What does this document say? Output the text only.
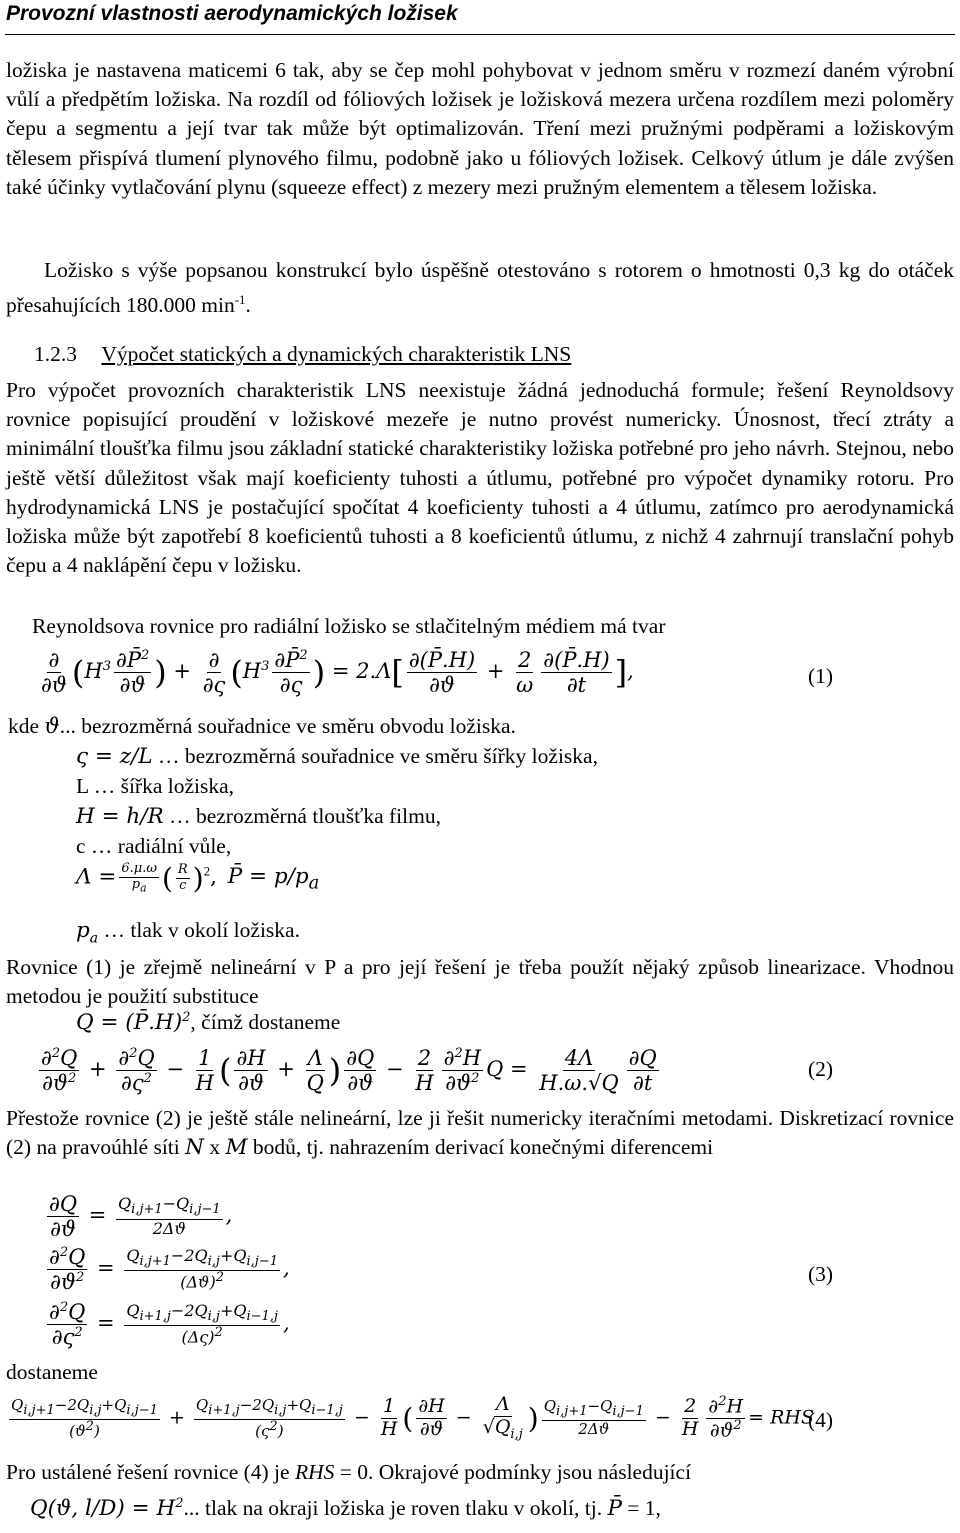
Provozní vlastnosti aerodynamických ložisek

ložiska je nastavena maticemi 6 tak, aby se čep mohl pohybovat v jednom směru v rozmezí daném výrobní vůlí a předpětím ložiska. Na rozdíl od fóliových ložisek je ložisková mezera určena rozdílem mezi poloměry čepu a segmentu a její tvar tak může být optimalizován. Tření mezi pružnými podpěrami a ložiskovým tělesem přispívá tlumení plynového filmu, podobně jako u fóliových ložisek. Celkový útlum je dále zvýšen také účinky vytlačování plynu (squeeze effect) z mezery mezi pružným elementem a tělesem ložiska.

Ložisko s výše popsanou konstrukcí bylo úspěšně otestováno s rotorem o hmotnosti 0,3 kg do otáček přesahujících 180.000 $\min^{-1}$.

1.2.3 Výpočet statických a dynamických charakteristik LNS

Pro výpočet provozních charakteristik LNS neexistuje žádná jednoduchá formule; řešení Reynoldsovy rovnice popisující proudění v ložiskové mezeře je nutno provést numericky. Únosnost, třecí ztráty a minimální tloušťka filmu jsou základní statické charakteristiky ložiska potřebné pro jeho návrh. Stejnou, nebo ještě větší důležitost však mají koeficienty tuhosti a útlumu, potřebné pro výpočet dynamiky rotoru. Pro hydrodynamická LNS je postačující spočítat 4 koeficienty tuhosti a 4 útlumu, zatímco pro aerodynamická ložiska může být zapotřebí 8 koeficientů tuhosti a 8 koeficientů útlumu, z nichž 4 zahrnují translační pohyb čepu a 4 naklápění čepu v ložisku.

Reynoldsova rovnice pro radiální ložisko se stlačitelným médiem má tvar
$\frac{\partial}{\partial ϑ} (H^3 \frac{\partial P̄^2}{\partial ϑ}$ ) + $\frac{\partial}{\partial\varsigma} (H^3 \frac{\partial P̄^2}{\partial\varsigma}$ ) = $2.\Lambda[ \frac{\partial(P̄.H)}{\partial ϑ} + \frac{2}{\omega} \frac{\partial(P̄.H)}{\partial t}$ ],	(1)
kde ϑ... bezrozměrná souřadnice ve směru obvodu ložiska.
ς = z/L … bezrozměrná souřadnice ve směru šířky ložiska,
L … šířka ložiska,
H = h/R … bezrozměrná tloušťka filmu,
c … radiální vůle,
$\Lambda = \frac{6.\mu.\omega}{p_a}$ ( $\frac{R}{c} )^2$, P̄ = $p/p_a$
$p_a$ … tlak v okolí ložiska.

Rovnice (1) je zřejmě nelineární v P a pro její řešení je třeba použít nějaký způsob linearizace. Vhodnou metodou je použití substituce

Q = (P̄.H)$^2$, čímž dostaneme
$\frac{\partial^2Q}{\partial ϑ^2} + \frac{\partial^2Q}{\partial\varsigma^2} - \frac{1}{H}$ ( $\frac{\partial H}{\partial ϑ} + \frac{\Lambda}{Q}$ ) $\frac{\partial Q}{\partial ϑ} - \frac{2}{H} \frac{\partial^2H}{\partial ϑ^2}$ $Q = \frac{4\Lambda}{H.\omega.√Q} \frac{\partial Q}{\partial t}$	(2)

Přestože rovnice (2) je ještě stále nelineární, lze ji řešit numericky iteračními metodami. Diskretizací rovnice (2) na pravoúhlé síti N x M bodů, tj. nahrazením derivací konečnými diferencemi

$\frac{\partial Q}{\partial ϑ} = \frac{Q_{i,j+1}-Q_{i,j-1}}{2\Delta ϑ}$ ,
$\frac{\partial^2Q}{\partial ϑ^2} = \frac{Q_{i,j+1}-2Q_{i,j}+Q_{i,j-1}}{(\Delta ϑ)^2}$ ,	(3)
$\frac{\partial^2Q}{\partial\varsigma^2} = \frac{Q_{i+1,j}-2Q_{i,j}+Q_{i-1,j}}{(\Delta\varsigma)^2}$ ,
dostaneme
$\frac{Q_{i,j+1}-2Q_{i,j}+Q_{i,j-1}}{(ϑ^2)} + \frac{Q_{i+1,j}-2Q_{i,j}+Q_{i-1,j}}{(\varsigma^2)} - \frac{1}{H}$ ( $\frac{\partial H}{\partial ϑ} - \frac{\Lambda}{√Q_{i,j}}$ ) $\frac{Q_{i,j+1}-Q_{i,j-1}}{2\Delta ϑ} - \frac{2}{H} \frac{\partial^2H}{\partial ϑ^2}$ = RHS
(4)
Pro ustálené řešení rovnice (4) je RHS = 0. Okrajové podmínky jsou následující
Q(ϑ, $l/D) = H^2$... tlak na okraji ložiska je roven tlaku v okolí, tj. P̄ = 1,
